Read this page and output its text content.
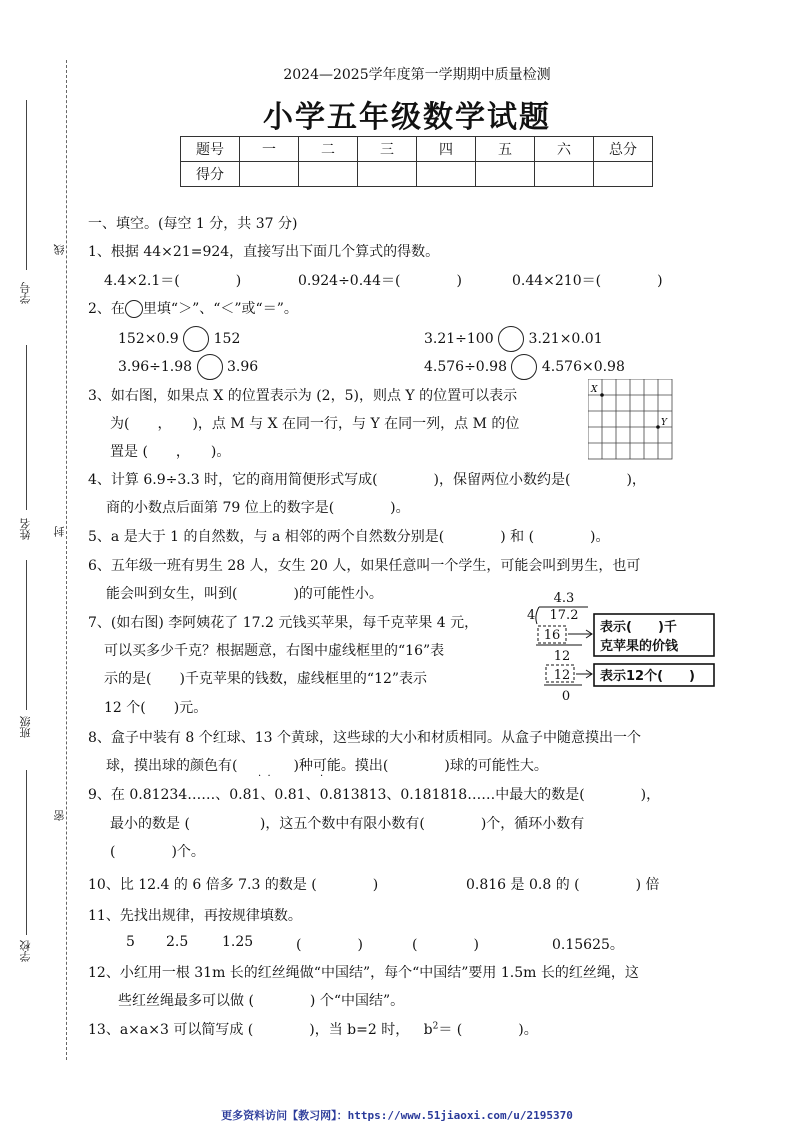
学号
线
姓名 封
班级
密
学校
2024—2025学年度第一学期期中质量检测
小学五年级数学试题
题号	一	二	三	四	五	六	总分
得分							
一、填空。(每空 1 分，共 37 分)
1、根据 44×21=924，直接写出下面几个算式的得数。
4.4×2.1＝(　　　　)	0.924÷0.44＝(　　　　)	0.44×210＝(　　　　)
2、在 里填“＞”、“＜”或“＝”。
152×0.9 152	3.21÷100 3.21×0.01
3.96÷1.98 3.96	4.576÷0.98 4.576×0.98
3、如右图，如果点 X 的位置表示为 (2，5)，则点 Y 的位置可以表示
为(　　，　　)，点 M 与 X 在同一行，与 Y 在同一列，点 M 的位
置是 (　　，　　)。
X
Y
4、计算 6.9÷3.3 时，它的商用简便形式写成(　　　　)，保留两位小数约是(　　　　)，
商的小数点后面第 79 位上的数字是(　　　　)。
5、a 是大于 1 的自然数，与 a 相邻的两个自然数分别是(　　　　) 和 (　　　　)。
6、五年级一班有男生 28 人，女生 20 人，如果任意叫一个学生，可能会叫到男生，也可
能会叫到女生，叫到(　　　　)的可能性小。
7、(如右图) 李阿姨花了 17.2 元钱买苹果，每千克苹果 4 元，
可以买多少千克？根据题意，右图中虚线框里的“16”表
示的是(　　)千克苹果的钱数，虚线框里的“12”表示
12 个(　　)元。
4.3
4 17.2
16
12
12
0
表示(　　)千
克苹果的价钱
表示12个(　　)
8、盒子中装有 8 个红球、13 个黄球，这些球的大小和材质相同。从盒子中随意摸出一个
球，摸出球的颜色有(　　　　)种可能。摸出(　　　　)球的可能性大。
·  ·	·
9、在 0.81234……、0.81、0.81、0.813813、0.181818……中最大的数是(　　　　)，
最小的数是 (　　　　　)，这五个数中有限小数有(　　　　)个，循环小数有
(　　　　)个。
10、比 12.4 的 6 倍多 7.3 的数是 (　　　　)	0.816 是 0.8 的 (　　　　) 倍
11、先找出规律，再按规律填数。
5 2.5 1.25	(　　　　)	(　　　　)	0.15625。
12、小红用一根 31m 长的红丝绳做“中国结”，每个“中国结”要用 1.5m 长的红丝绳，这
些红丝绳最多可以做 (　　　　) 个“中国结”。
13、a×a×3 可以简写成 (　　　　)，当 b=2 时， $b^2=$ (　　　　)。
更多资料访问【教习网】：https://www.51jiaoxi.com/u/2195370
